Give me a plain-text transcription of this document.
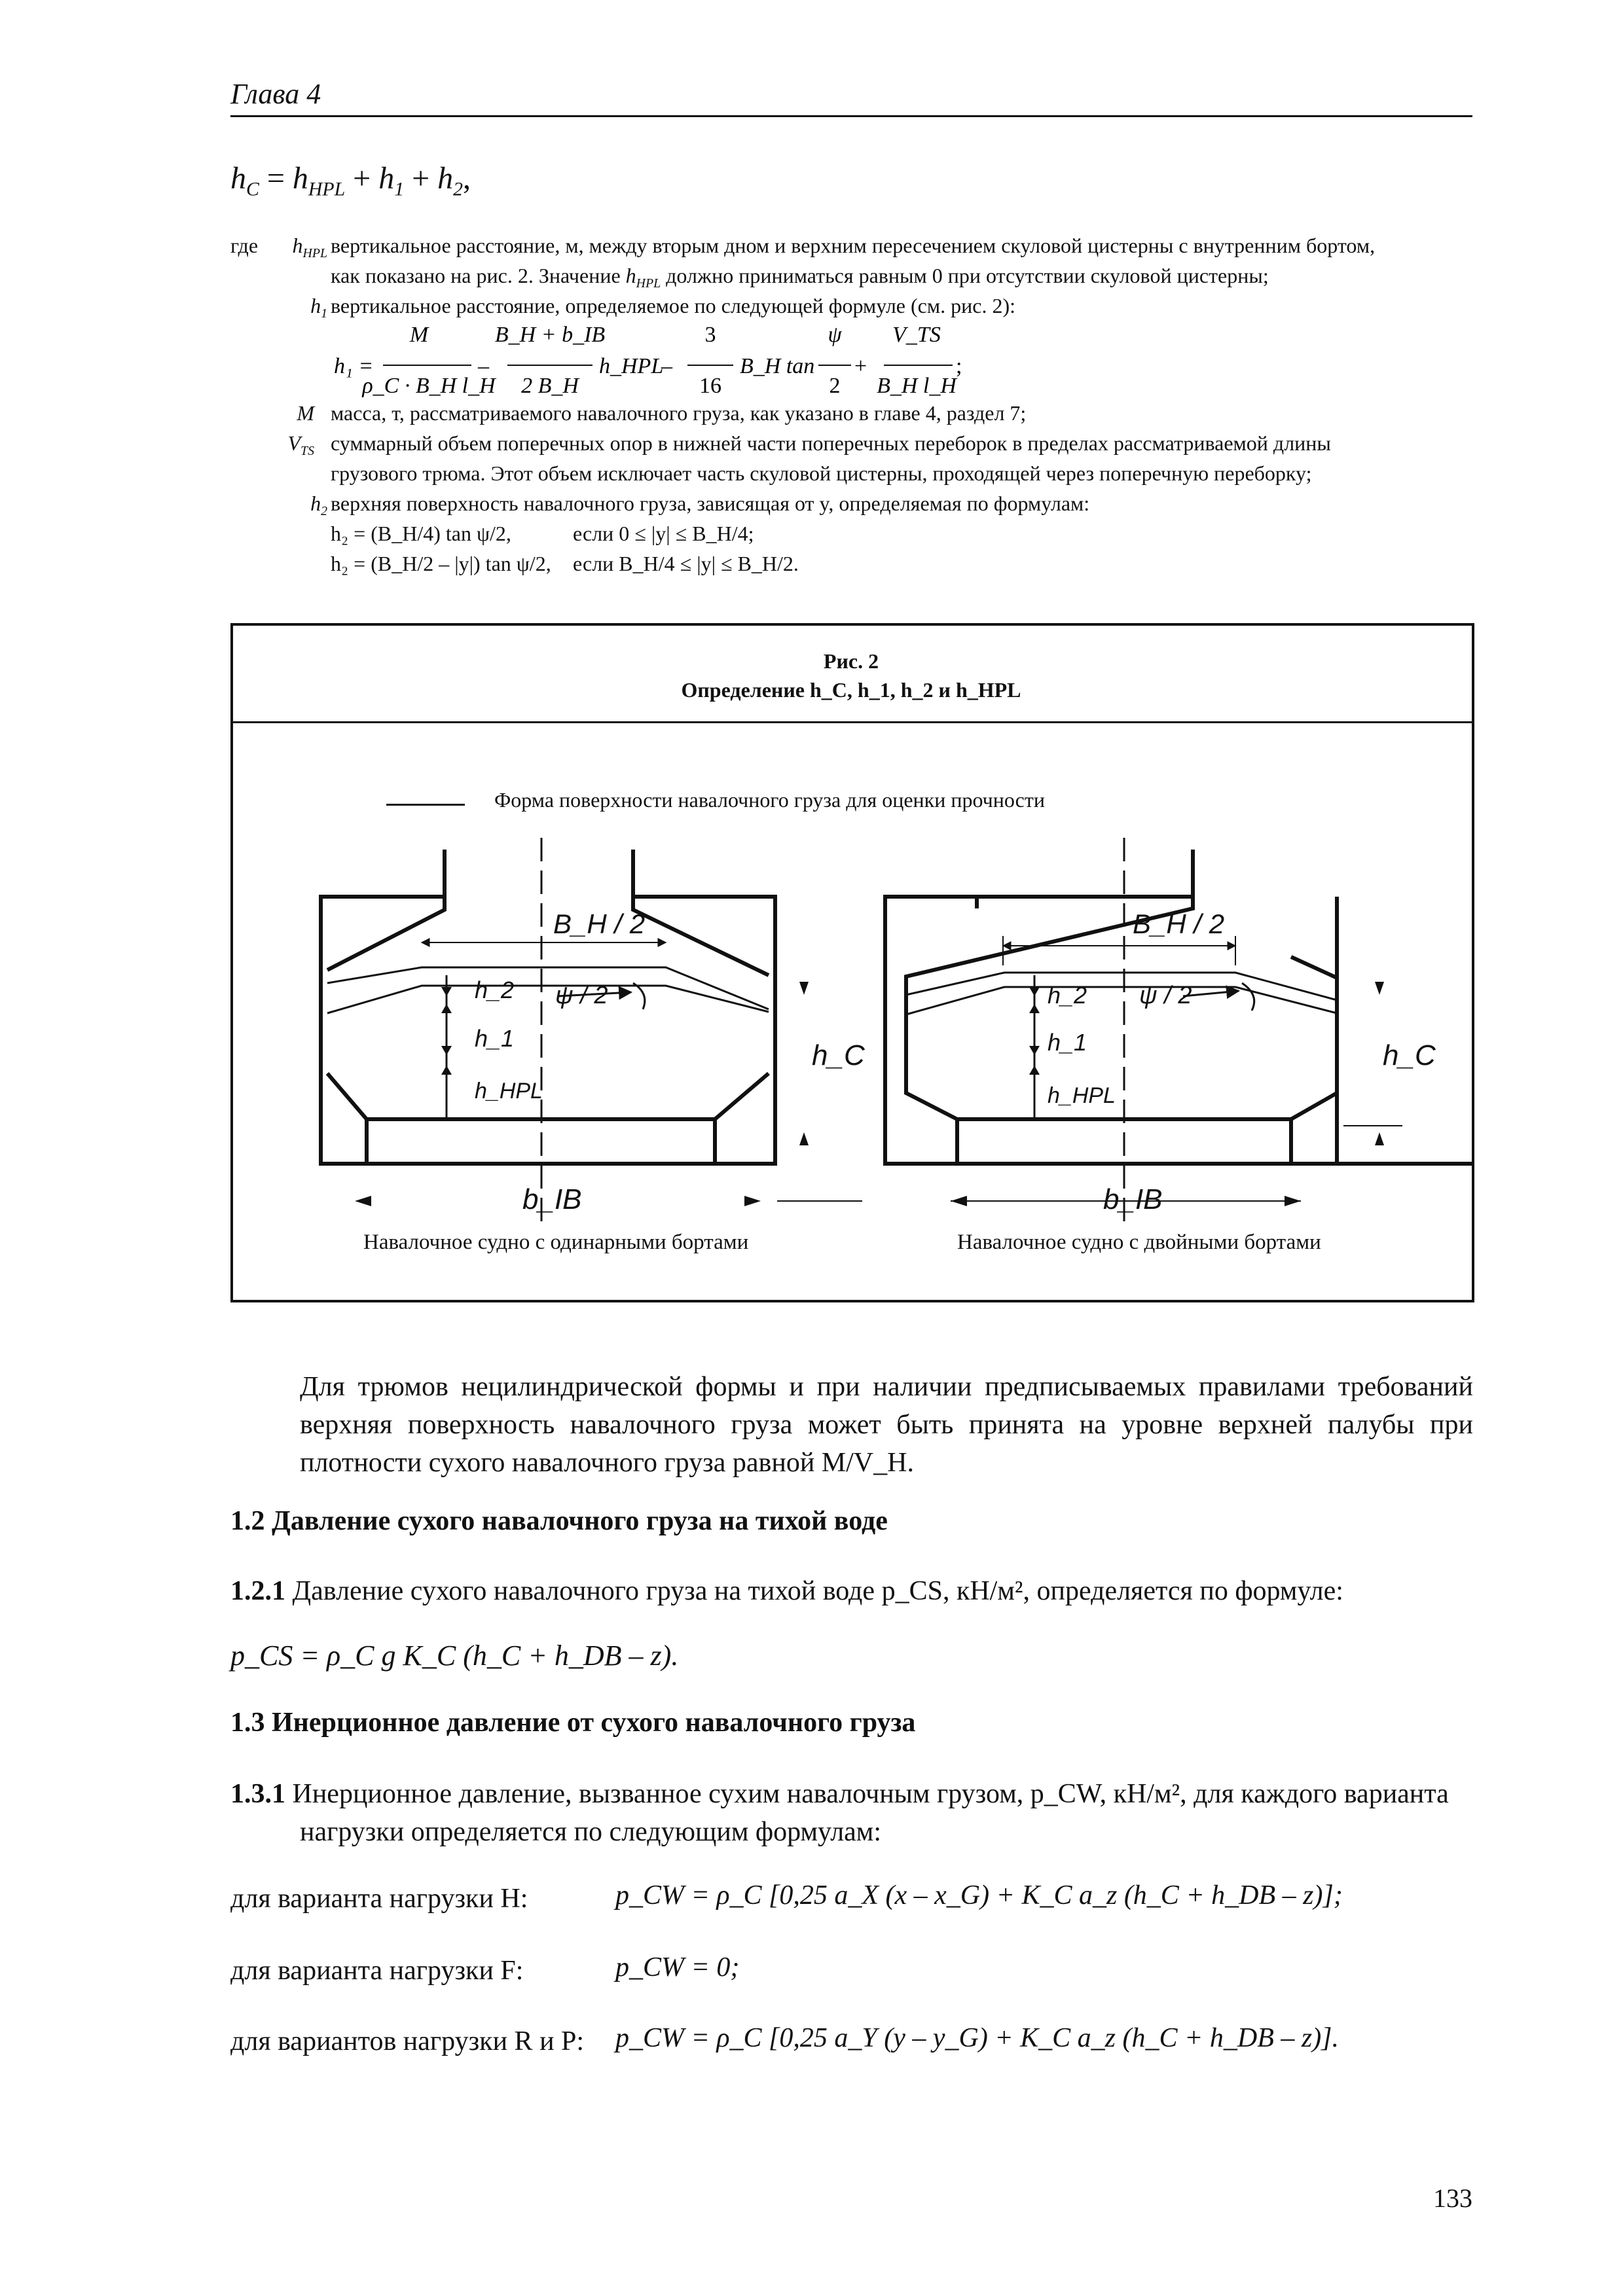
Глава 4
$h_C = h_{HPL} + h_1 + h_2$,
где	$h_{HPL}$ вертикальное расстояние, м, между вторым дном и верхним пересечением скуловой цистерны с внутренним бортом,
как показано на рис. 2. Значение $h_{HPL}$ должно приниматься равным 0 при отсутствии скуловой цистерны;
$h_1$ вертикальное расстояние, определяемое по следующей формуле (см. рис. 2):
h₁ =
M
ρ_C · B_H l_H
–
B_H + b_IB
2 B_H
h_HPL
–
3
16
B_H tan
ψ
2
+
V_TS
B_H l_H
;
M масса, т, рассматриваемого навалочного груза, как указано в главе 4, раздел 7;
$V_{TS}$ суммарный объем поперечных опор в нижней части поперечных переборок в пределах рассматриваемой длины
грузового трюма. Этот объем исключает часть скуловой цистерны, проходящей через поперечную переборку;
$h_2$ верхняя поверхность навалочного груза, зависящая от y, определяемая по формулам:
h₂ = (B_H/4) tan ψ/2,	если 0 ≤ |y| ≤ B_H/4;
h₂ = (B_H/2 – |y|) tan ψ/2, если B_H/4 ≤ |y| ≤ B_H/2.
Рис. 2
Определение h_C, h_1, h_2 и h_HPL
Форма поверхности навалочного груза для оценки прочности
B_H / 2
h_2
h_1
h_HPL
ψ / 2
h_C
b_IB
B_H / 2
h_2
h_1
h_HPL
ψ / 2
h_C
b_IB
Навалочное судно с одинарными бортами	Навалочное судно с двойными бортами
Для трюмов нецилиндрической формы и при наличии предписываемых правилами требований верхняя поверхность навалочного груза может быть принята на уровне верхней палубы при плотности сухого навалочного груза равной M/V_H.
1.2 Давление сухого навалочного груза на тихой воде
1.2.1 Давление сухого навалочного груза на тихой воде p_CS, кН/м², определяется по формуле:
p_CS = ρ_C g K_C (h_C + h_DB – z).
1.3 Инерционное давление от сухого навалочного груза
1.3.1 Инерционное давление, вызванное сухим навалочным грузом, p_CW, кН/м², для каждого варианта
нагрузки определяется по следующим формулам:
для варианта нагрузки H:	p_CW = ρ_C [0,25 a_X (x – x_G) + K_C a_z (h_C + h_DB – z)];
для варианта нагрузки F:	p_CW = 0;
для вариантов нагрузки R и P: p_CW = ρ_C [0,25 a_Y (y – y_G) + K_C a_z (h_C + h_DB – z)].
133
